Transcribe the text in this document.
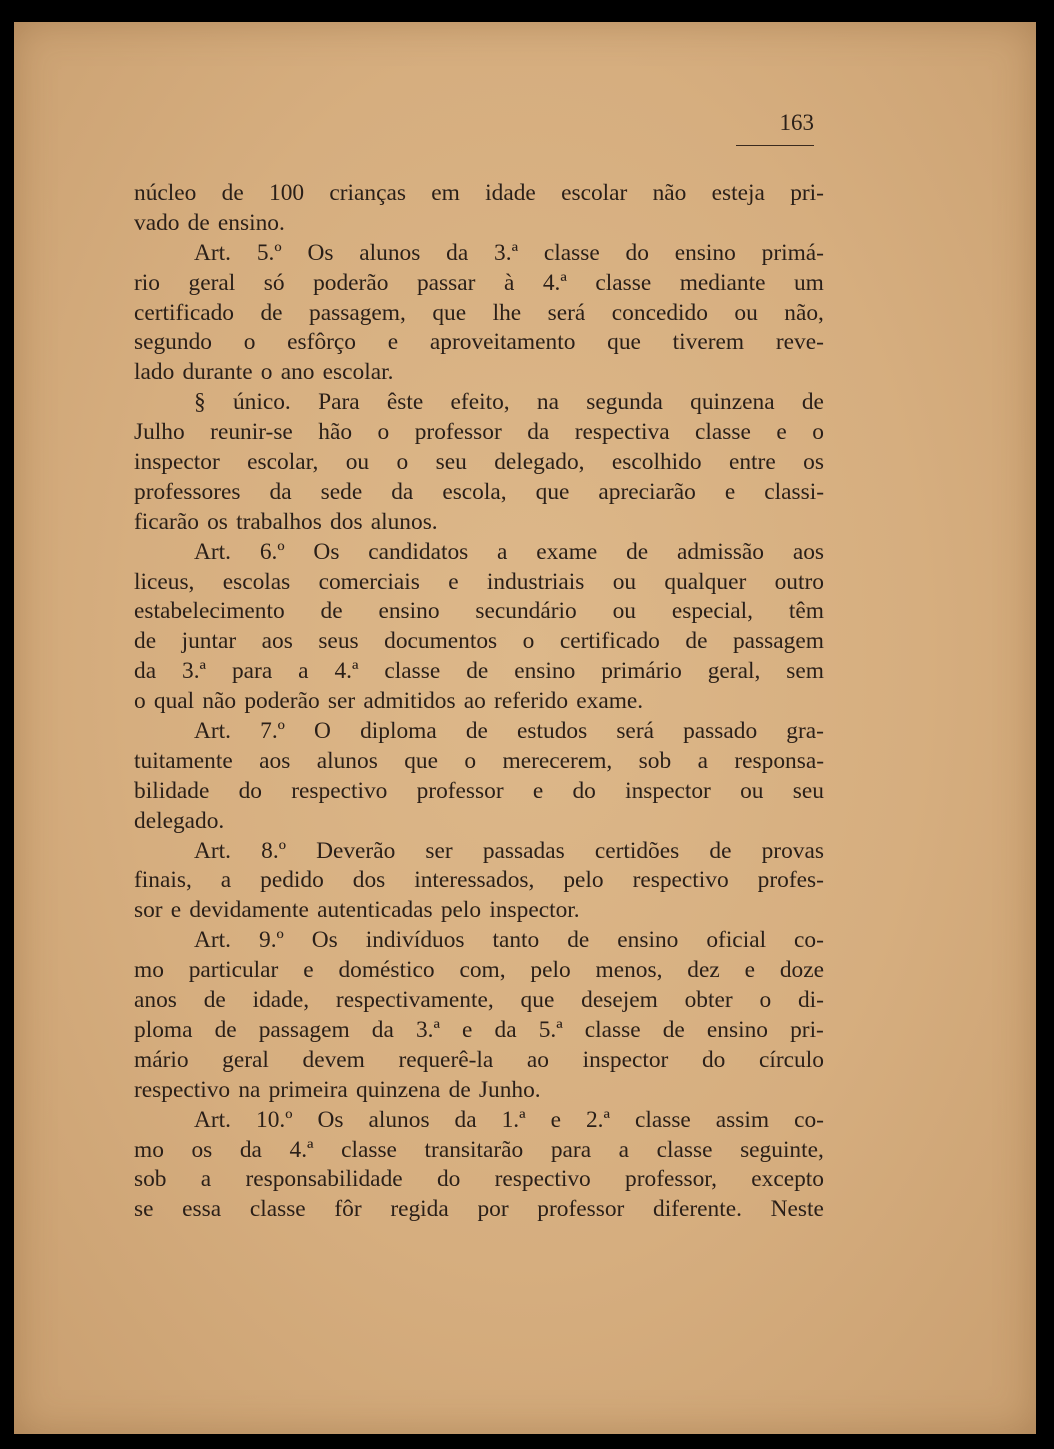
163
núcleo de 100 crianças em idade escolar não esteja pri-
vado de ensino.
Art. 5.º Os alunos da 3.ª classe do ensino primá-
rio geral só poderão passar à 4.ª classe mediante um
certificado de passagem, que lhe será concedido ou não,
segundo o esfôrço e aproveitamento que tiverem reve-
lado durante o ano escolar.
§ único. Para êste efeito, na segunda quinzena de
Julho reunir-se hão o professor da respectiva classe e o
inspector escolar, ou o seu delegado, escolhido entre os
professores da sede da escola, que apreciarão e classi-
ficarão os trabalhos dos alunos.
Art. 6.º Os candidatos a exame de admissão aos
liceus, escolas comerciais e industriais ou qualquer outro
estabelecimento de ensino secundário ou especial, têm
de juntar aos seus documentos o certificado de passagem
da 3.ª para a 4.ª classe de ensino primário geral, sem
o qual não poderão ser admitidos ao referido exame.
Art. 7.º O diploma de estudos será passado gra-
tuitamente aos alunos que o merecerem, sob a responsa-
bilidade do respectivo professor e do inspector ou seu
delegado.
Art. 8.º Deverão ser passadas certidões de provas
finais, a pedido dos interessados, pelo respectivo profes-
sor e devidamente autenticadas pelo inspector.
Art. 9.º Os indivíduos tanto de ensino oficial co-
mo particular e doméstico com, pelo menos, dez e doze
anos de idade, respectivamente, que desejem obter o di-
ploma de passagem da 3.ª e da 5.ª classe de ensino pri-
mário geral devem requerê-la ao inspector do círculo
respectivo na primeira quinzena de Junho.
Art. 10.º Os alunos da 1.ª e 2.ª classe assim co-
mo os da 4.ª classe transitarão para a classe seguinte,
sob a responsabilidade do respectivo professor, excepto
se essa classe fôr regida por professor diferente. Neste
